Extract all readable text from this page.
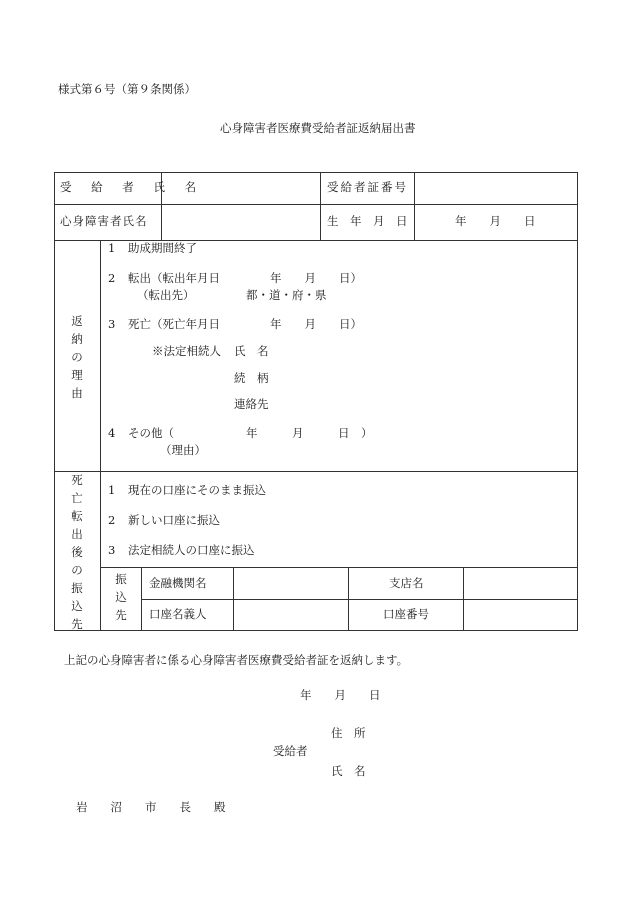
様式第６号（第９条関係）
心身障害者医療費受給者証返納届出書
受 給 者 氏 名	受給者証番号
心身障害者氏名	生　年　月　日	年　　月　　日
返
納
の
理
由
1 助成期間終了
2 転出（転出年月日	年　　月　　日）
（転出先）	都・道・府・県
3 死亡（死亡年月日	年　　月　　日）
※法定相続人 氏　名
続　柄
連絡先
4 その他（	年　　　月　　　日　）
（理由）
死
亡
転
出
後
の
振
込
先
1 現在の口座にそのまま振込
2 新しい口座に振込
3 法定相続人の口座に振込
振
込
先
金融機関名	支店名
口座名義人	口座番号
上記の心身障害者に係る心身障害者医療費受給者証を返納します。
年　　月　　日
住　所
受給者
氏　名
岩　　沼　　市　　長　　殿
